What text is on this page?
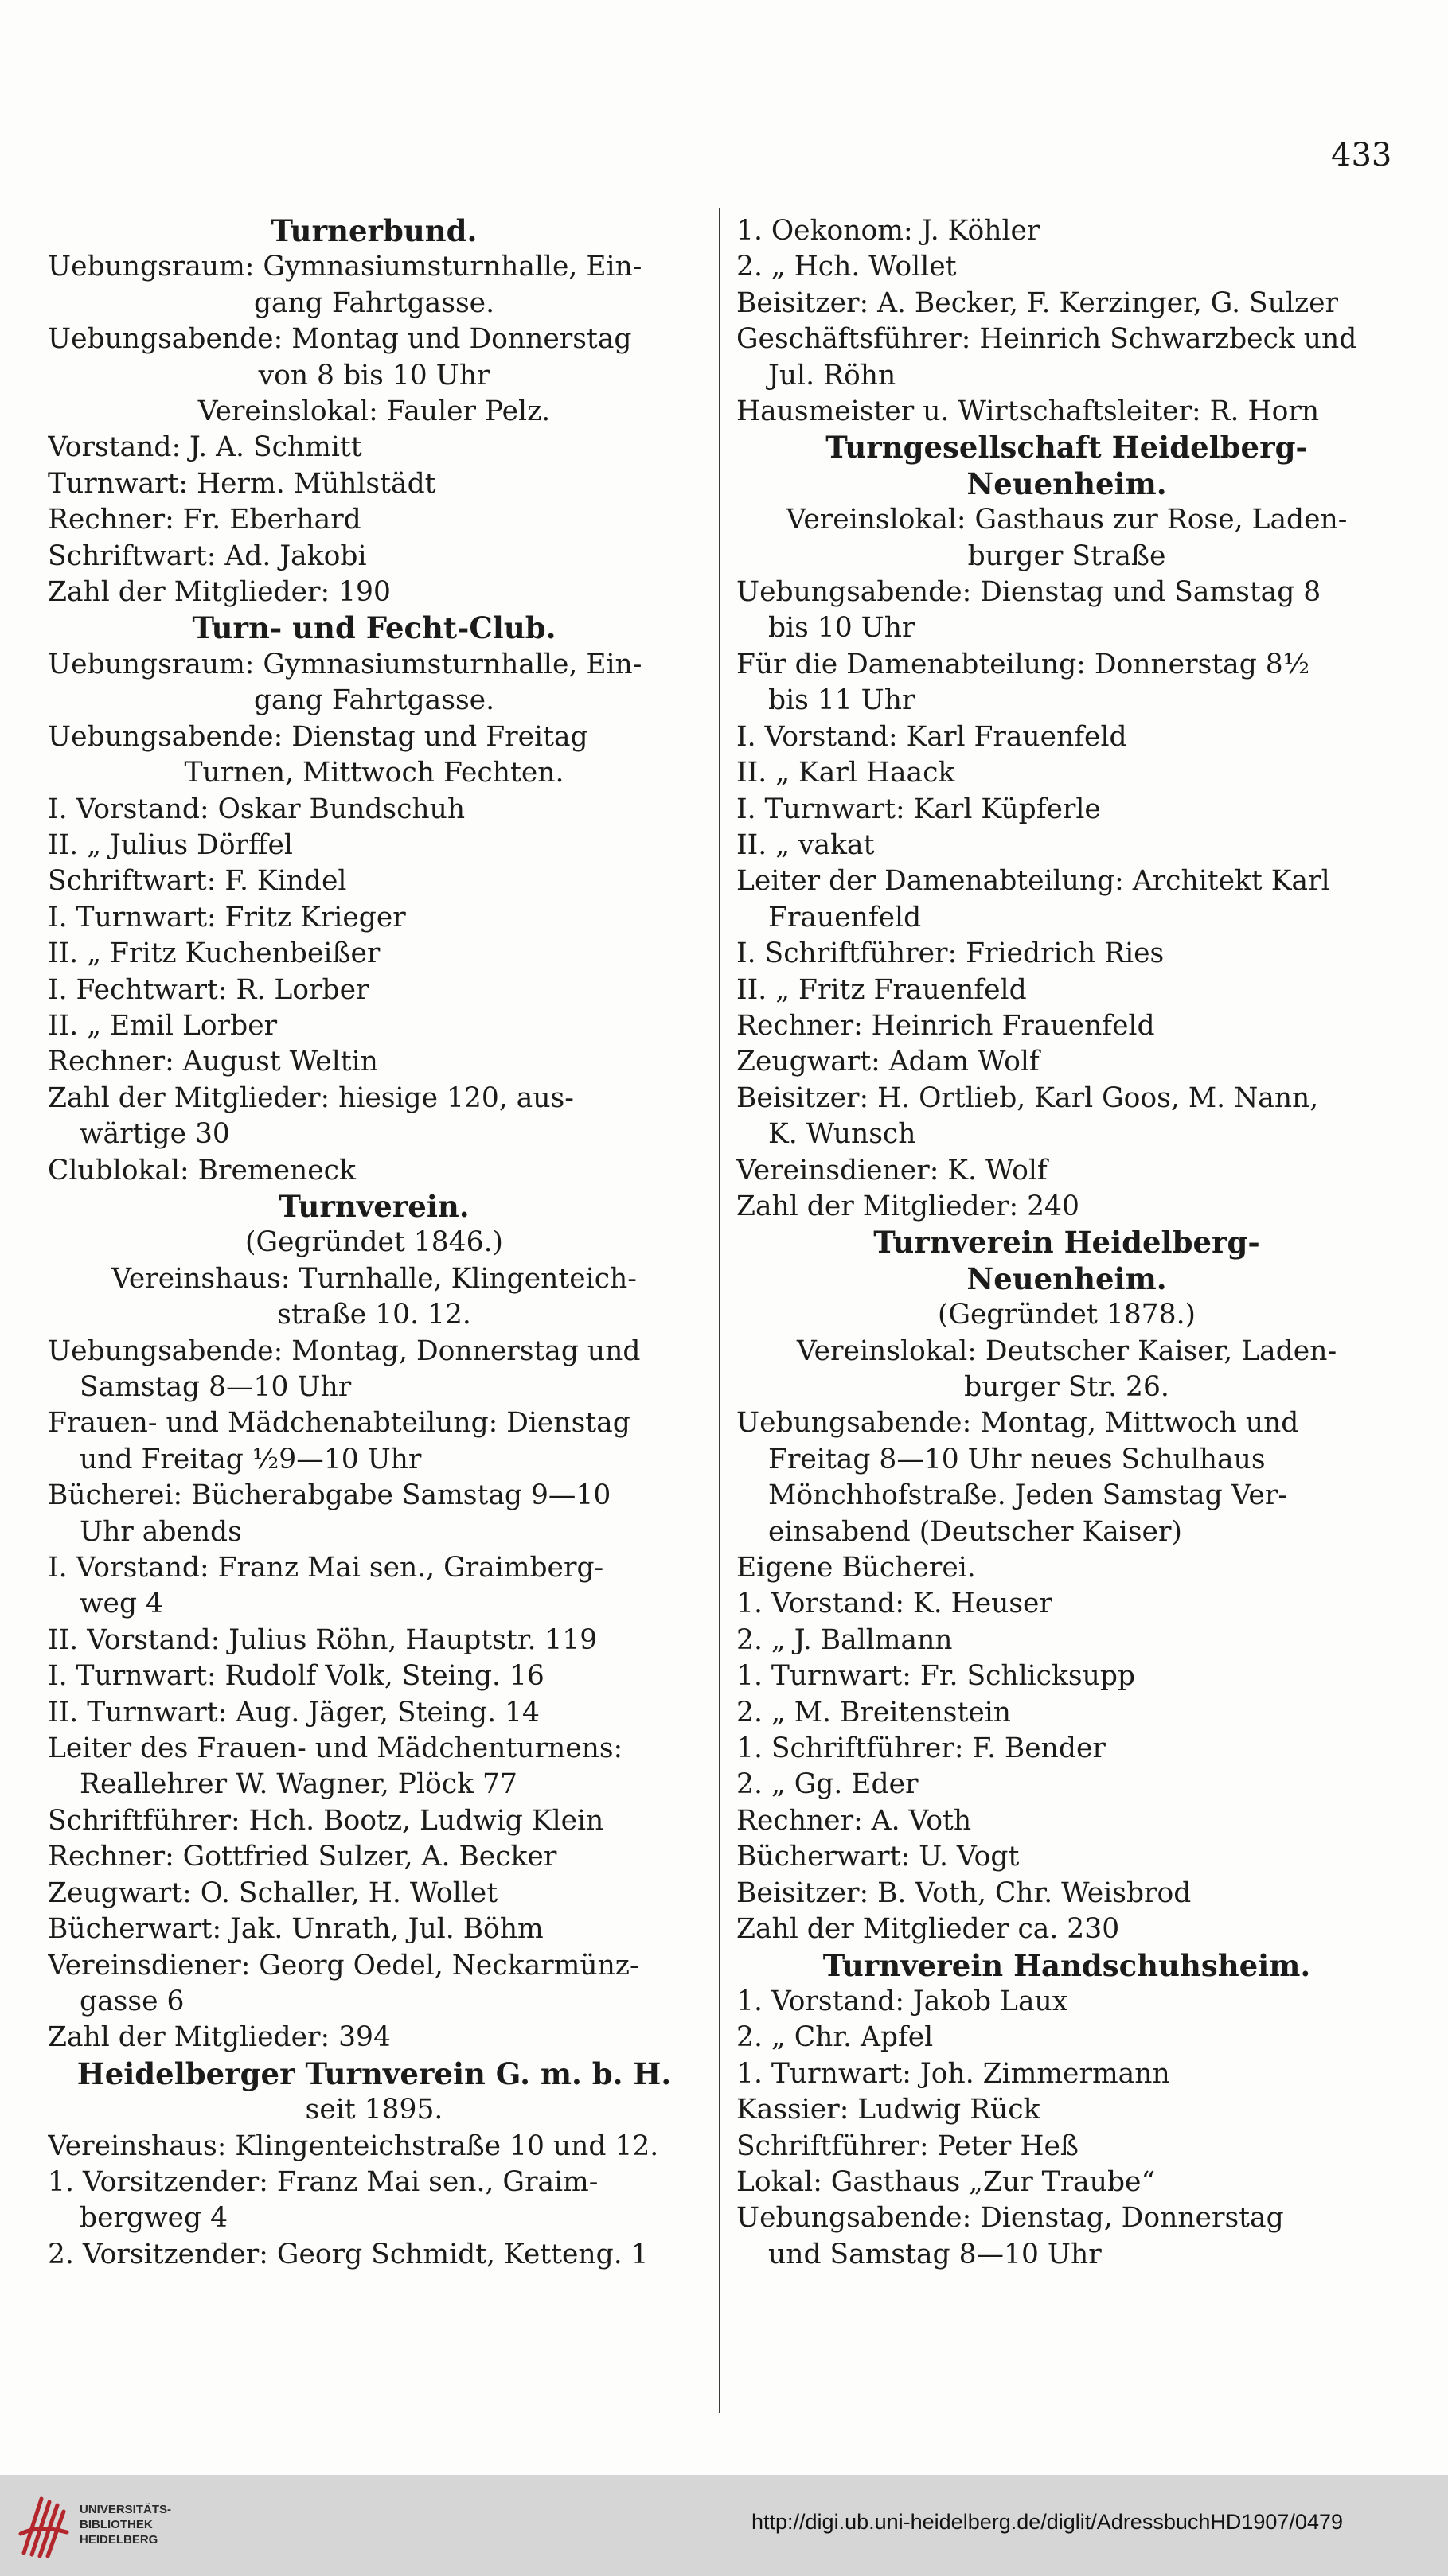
433
Turnerbund.
Uebungsraum: Gymnasiumsturnhalle, Ein-
gang Fahrtgasse.
Uebungsabende: Montag und Donnerstag
von 8 bis 10 Uhr
Vereinslokal: Fauler Pelz.
Vorstand: J. A. Schmitt
Turnwart: Herm. Mühlstädt
Rechner: Fr. Eberhard
Schriftwart: Ad. Jakobi
Zahl der Mitglieder: 190
Turn- und Fecht-Club.
Uebungsraum: Gymnasiumsturnhalle, Ein-
gang Fahrtgasse.
Uebungsabende: Dienstag und Freitag
Turnen, Mittwoch Fechten.
I. Vorstand: Oskar Bundschuh
II. „ Julius Dörffel
Schriftwart: F. Kindel
I. Turnwart: Fritz Krieger
II. „ Fritz Kuchenbeißer
I. Fechtwart: R. Lorber
II. „ Emil Lorber
Rechner: August Weltin
Zahl der Mitglieder: hiesige 120, aus-
wärtige 30
Clublokal: Bremeneck
Turnverein.
(Gegründet 1846.)
Vereinshaus: Turnhalle, Klingenteich-
straße 10. 12.
Uebungsabende: Montag, Donnerstag und
Samstag 8—10 Uhr
Frauen- und Mädchenabteilung: Dienstag
und Freitag ½9—10 Uhr
Bücherei: Bücherabgabe Samstag 9—10
Uhr abends
I. Vorstand: Franz Mai sen., Graimberg-
weg 4
II. Vorstand: Julius Röhn, Hauptstr. 119
I. Turnwart: Rudolf Volk, Steing. 16
II. Turnwart: Aug. Jäger, Steing. 14
Leiter des Frauen- und Mädchenturnens:
Reallehrer W. Wagner, Plöck 77
Schriftführer: Hch. Bootz, Ludwig Klein
Rechner: Gottfried Sulzer, A. Becker
Zeugwart: O. Schaller, H. Wollet
Bücherwart: Jak. Unrath, Jul. Böhm
Vereinsdiener: Georg Oedel, Neckarmünz-
gasse 6
Zahl der Mitglieder: 394
Heidelberger Turnverein G. m. b. H.
seit 1895.
Vereinshaus: Klingenteichstraße 10 und 12.
1. Vorsitzender: Franz Mai sen., Graim-
bergweg 4
2. Vorsitzender: Georg Schmidt, Ketteng. 1
1. Oekonom: J. Köhler
2. „ Hch. Wollet
Beisitzer: A. Becker, F. Kerzinger, G. Sulzer
Geschäftsführer: Heinrich Schwarzbeck und
Jul. Röhn
Hausmeister u. Wirtschaftsleiter: R. Horn
Turngesellschaft Heidelberg-
Neuenheim.
Vereinslokal: Gasthaus zur Rose, Laden-
burger Straße
Uebungsabende: Dienstag und Samstag 8
bis 10 Uhr
Für die Damenabteilung: Donnerstag 8½
bis 11 Uhr
I. Vorstand: Karl Frauenfeld
II. „ Karl Haack
I. Turnwart: Karl Küpferle
II. „ vakat
Leiter der Damenabteilung: Architekt Karl
Frauenfeld
I. Schriftführer: Friedrich Ries
II. „ Fritz Frauenfeld
Rechner: Heinrich Frauenfeld
Zeugwart: Adam Wolf
Beisitzer: H. Ortlieb, Karl Goos, M. Nann,
K. Wunsch
Vereinsdiener: K. Wolf
Zahl der Mitglieder: 240
Turnverein Heidelberg-
Neuenheim.
(Gegründet 1878.)
Vereinslokal: Deutscher Kaiser, Laden-
burger Str. 26.
Uebungsabende: Montag, Mittwoch und
Freitag 8—10 Uhr neues Schulhaus
Mönchhofstraße. Jeden Samstag Ver-
einsabend (Deutscher Kaiser)
Eigene Bücherei.
1. Vorstand: K. Heuser
2. „ J. Ballmann
1. Turnwart: Fr. Schlicksupp
2. „ M. Breitenstein
1. Schriftführer: F. Bender
2. „ Gg. Eder
Rechner: A. Voth
Bücherwart: U. Vogt
Beisitzer: B. Voth, Chr. Weisbrod
Zahl der Mitglieder ca. 230
Turnverein Handschuhsheim.
1. Vorstand: Jakob Laux
2. „ Chr. Apfel
1. Turnwart: Joh. Zimmermann
Kassier: Ludwig Rück
Schriftführer: Peter Heß
Lokal: Gasthaus „Zur Traube“
Uebungsabende: Dienstag, Donnerstag
und Samstag 8—10 Uhr
UNIVERSITÄTS-
BIBLIOTHEK
HEIDELBERG
http://digi.ub.uni-heidelberg.de/diglit/AdressbuchHD1907/0479
